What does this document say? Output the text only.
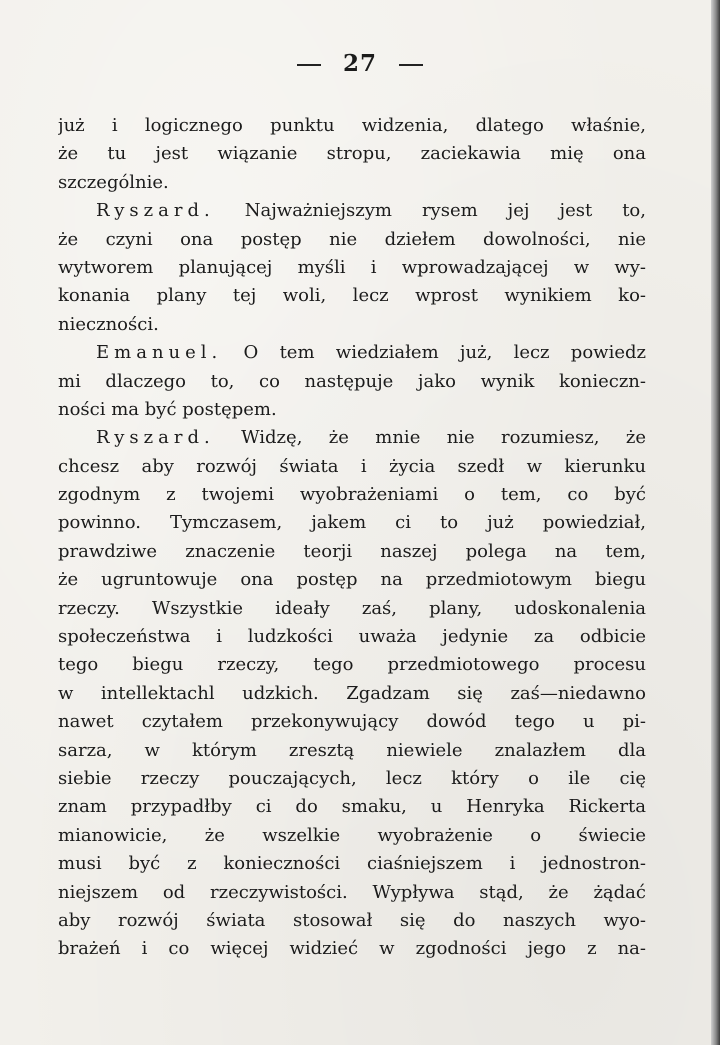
27
już i logicznego punktu widzenia, dlatego właśnie,
że tu jest wiązanie stropu, zaciekawia mię ona
szczególnie.
Ryszard. Najważniejszym rysem jej jest to,
że czyni ona postęp nie dziełem dowolności, nie
wytworem planującej myśli i wprowadzającej w wy-
konania plany tej woli, lecz wprost wynikiem ko-
nieczności.
Emanuel. O tem wiedziałem już, lecz powiedz
mi dlaczego to, co następuje jako wynik konieczn-
ności ma być postępem.
Ryszard. Widzę, że mnie nie rozumiesz, że
chcesz aby rozwój świata i życia szedł w kierunku
zgodnym z twojemi wyobrażeniami o tem, co być
powinno. Tymczasem, jakem ci to już powiedział,
prawdziwe znaczenie teorji naszej polega na tem,
że ugruntowuje ona postęp na przedmiotowym biegu
rzeczy. Wszystkie ideały zaś, plany, udoskonalenia
społeczeństwa i ludzkości uważa jedynie za odbicie
tego biegu rzeczy, tego przedmiotowego procesu
w intellektachl udzkich. Zgadzam się zaś—niedawno
nawet czytałem przekonywujący dowód tego u pi-
sarza, w którym zresztą niewiele znalazłem dla
siebie rzeczy pouczających, lecz który o ile cię
znam przypadłby ci do smaku, u Henryka Rickerta
mianowicie, że wszelkie wyobrażenie o świecie
musi być z konieczności ciaśniejszem i jednostron-
niejszem od rzeczywistości. Wypływa stąd, że żądać
aby rozwój świata stosował się do naszych wyo-
brażeń i co więcej widzieć w zgodności jego z na-
